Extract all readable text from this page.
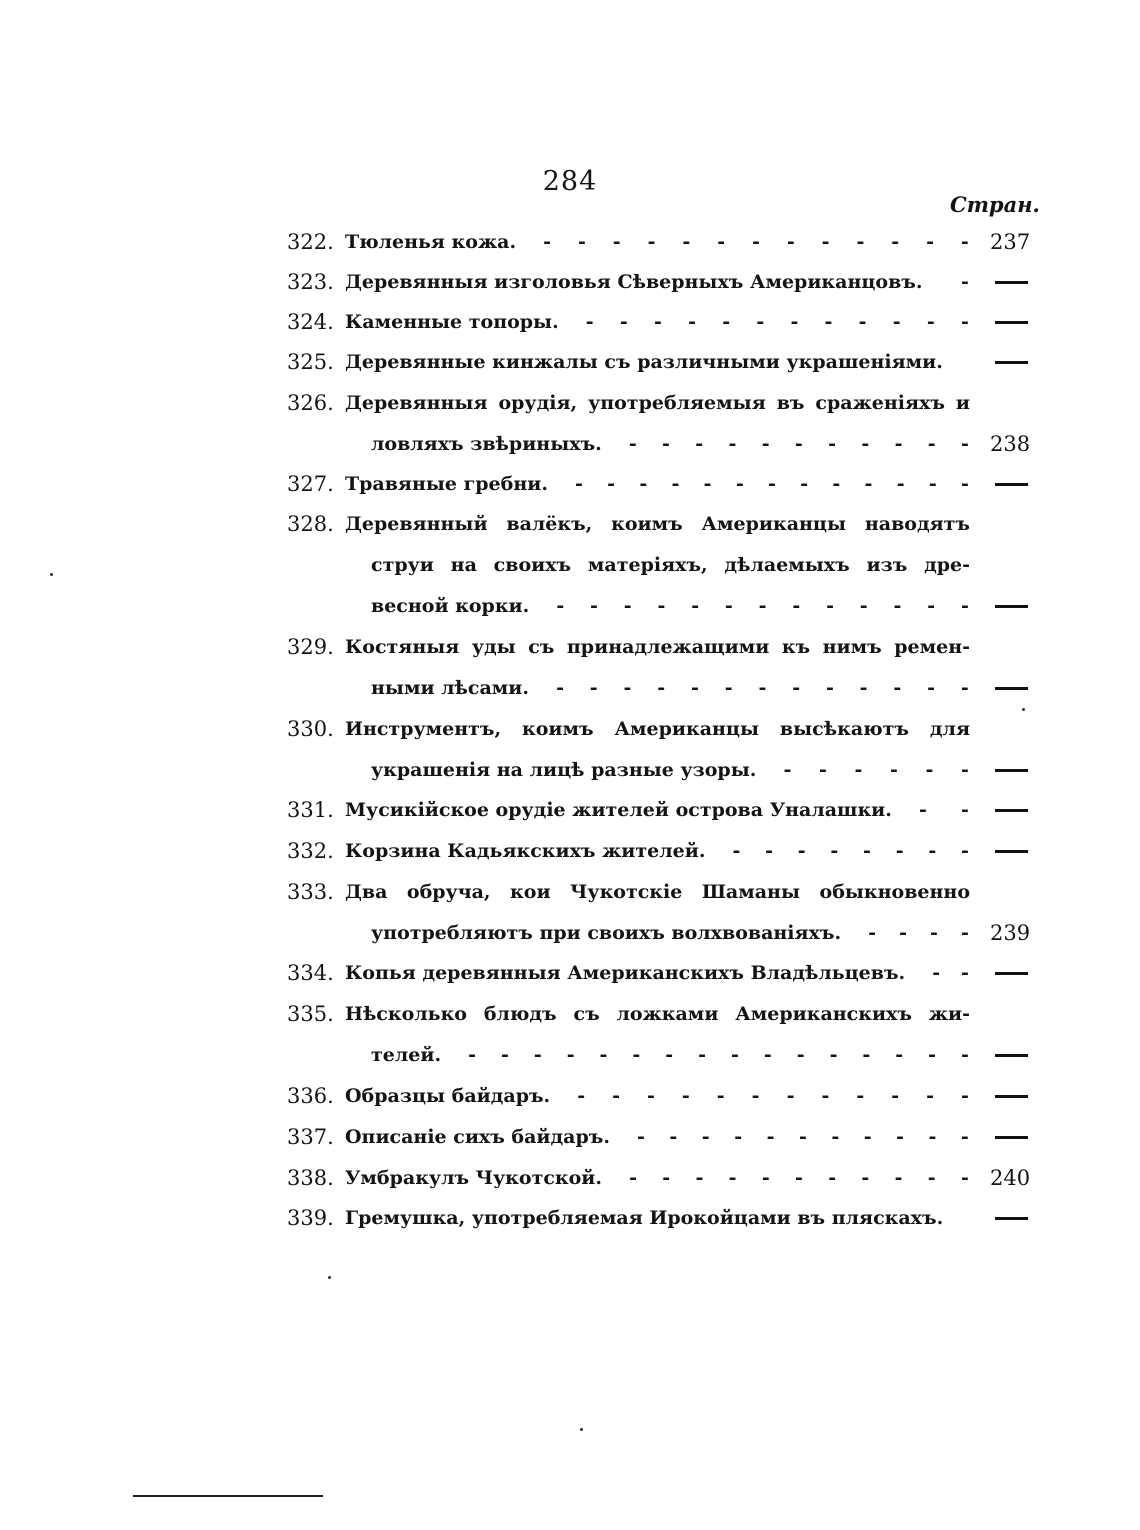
284
Стран.
322. Тюленья кожа. - - - - - - - - - - - - - 237
323. Деревянныя изголовья Сѣверныхъ Американцовъ. -
324. Каменные топоры. - - - - - - - - - - - -
325. Деревянные кинжалы съ различными украшеніями.
326. Деревянныя орудія, употребляемыя въ сраженіяхъ и
ловляхъ звѣриныхъ. - - - - - - - - - - - 238
327. Травяные гребни. - - - - - - - - - - - - -
328. Деревянный валёкъ, коимъ Американцы наводятъ
струи на своихъ матеріяхъ, дѣлаемыхъ изъ дре-
весной корки. - - - - - - - - - - - - -
329. Костяныя уды съ принадлежащими къ нимъ ремен-
ными лѣсами. - - - - - - - - - - - - -
330. Инструментъ, коимъ Американцы высѣкаютъ для
украшенія на лицѣ разные узоры. - - - - - -
331. Мусикійское орудіе жителей острова Уналашки. - -
332. Корзина Кадьякскихъ жителей. - - - - - - - -
333. Два обруча, кои Чукотскіе Шаманы обыкновенно
употребляютъ при своихъ волхвованіяхъ. - - - - 239
334. Копья деревянныя Американскихъ Владѣльцевъ. - -
335. Нѣсколько блюдъ съ ложками Американскихъ жи-
телей. - - - - - - - - - - - - - - - -
336. Образцы байдаръ. - - - - - - - - - - - -
337. Описаніе сихъ байдаръ. - - - - - - - - - - -
338. Умбракулъ Чукотской. - - - - - - - - - - - 240
339. Гремушка, употребляемая Ирокойцами въ пляскахъ.
